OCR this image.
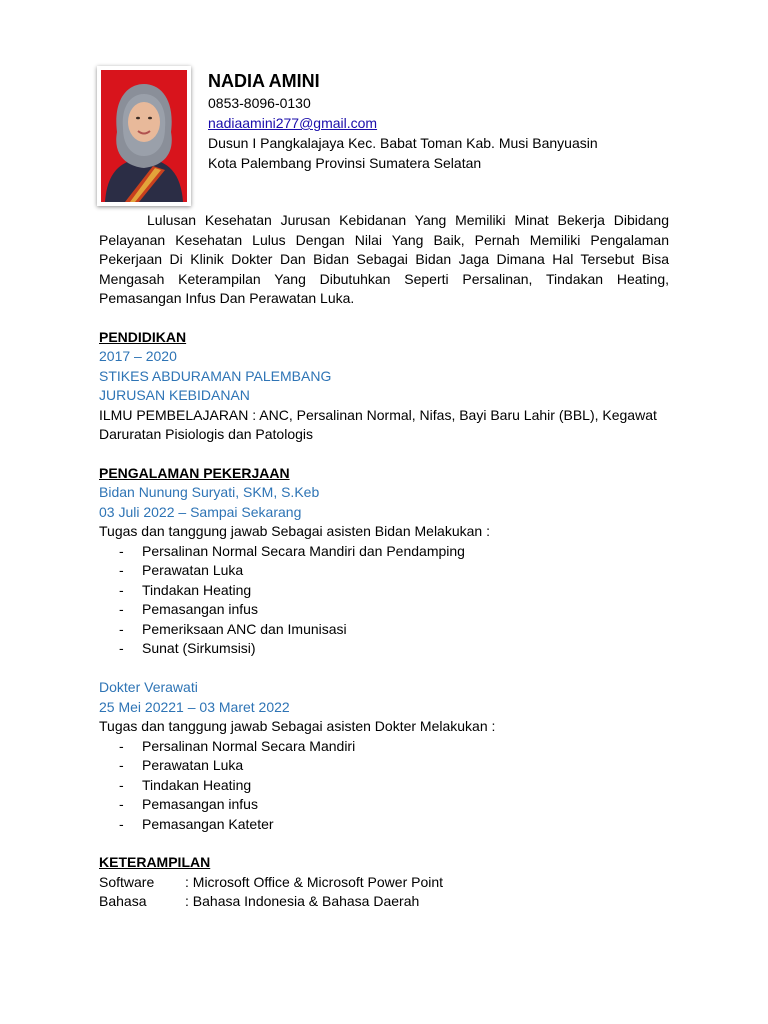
NADIA AMINI

0853-8096-0130

nadiaamini277@gmail.com

Dusun I Pangkalajaya Kec. Babat Toman Kab. Musi Banyuasin

Kota Palembang Provinsi Sumatera Selatan

Lulusan Kesehatan Jurusan Kebidanan Yang Memiliki Minat Bekerja Dibidang Pelayanan Kesehatan Lulus Dengan Nilai Yang Baik, Pernah Memiliki Pengalaman Pekerjaan Di Klinik Dokter Dan Bidan Sebagai Bidan Jaga Dimana Hal Tersebut Bisa Mengasah Keterampilan Yang Dibutuhkan Seperti Persalinan, Tindakan Heating, Pemasangan Infus Dan Perawatan Luka.

PENDIDIKAN

2017 – 2020

STIKES ABDURAMAN PALEMBANG

JURUSAN KEBIDANAN

ILMU PEMBELAJARAN : ANC, Persalinan Normal, Nifas, Bayi Baru Lahir (BBL), Kegawat Daruratan Pisiologis dan Patologis

PENGALAMAN PEKERJAAN

Bidan Nunung Suryati, SKM, S.Keb

03 Juli 2022 – Sampai Sekarang

Tugas dan tanggung jawab Sebagai asisten Bidan Melakukan :

- Persalinan Normal Secara Mandiri dan Pendamping
- Perawatan Luka
- Tindakan Heating
- Pemasangan infus
- Pemeriksaan ANC dan Imunisasi
- Sunat (Sirkumsisi)

Dokter Verawati

25 Mei 20221 – 03 Maret 2022

Tugas dan tanggung jawab Sebagai asisten Dokter Melakukan :

- Persalinan Normal Secara Mandiri
- Perawatan Luka
- Tindakan Heating
- Pemasangan infus
- Pemasangan Kateter

KETERAMPILAN

Software	: Microsoft Office & Microsoft Power Point
Bahasa	: Bahasa Indonesia & Bahasa Daerah
